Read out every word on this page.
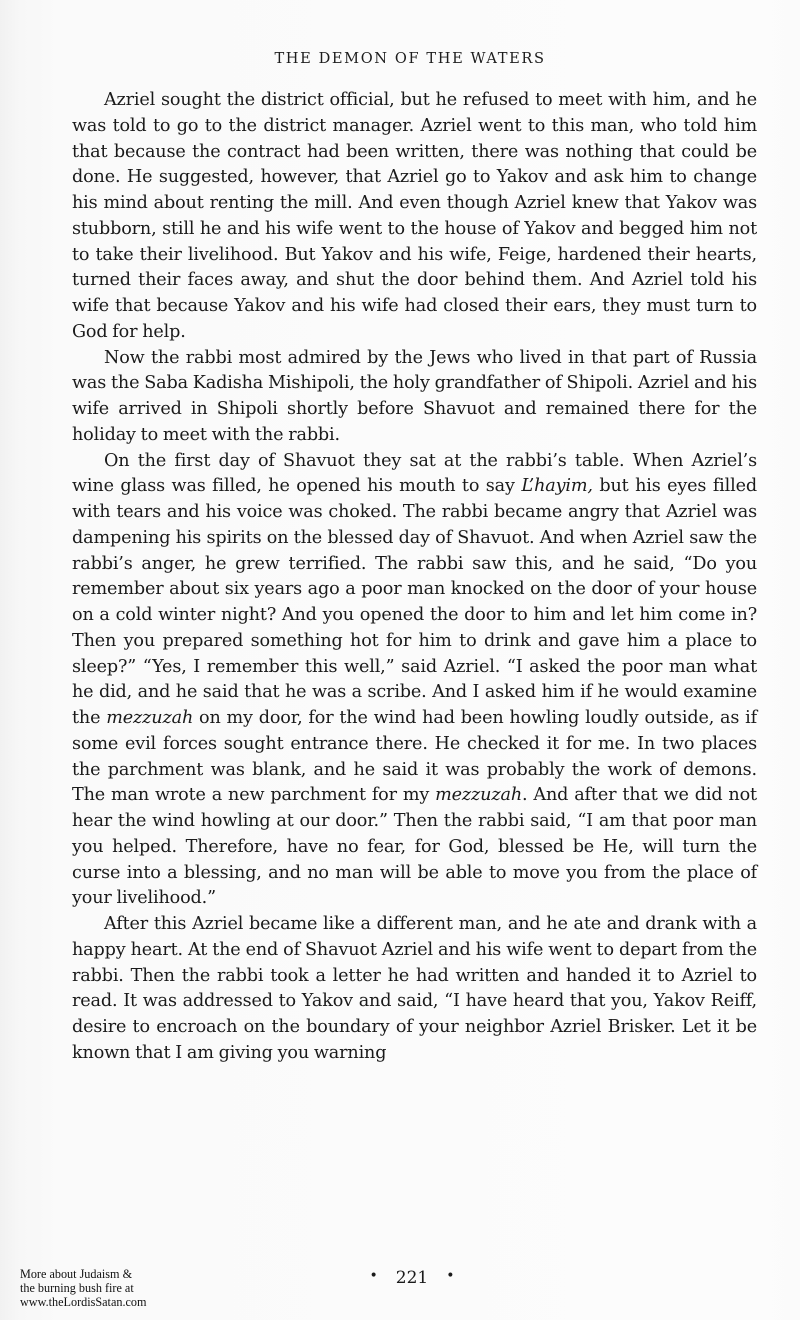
THE DEMON OF THE WATERS

Azriel sought the district official, but he refused to meet with him, and he was told to go to the district manager. Azriel went to this man, who told him that because the contract had been written, there was nothing that could be done. He suggested, however, that Azriel go to Yakov and ask him to change his mind about renting the mill. And even though Azriel knew that Yakov was stubborn, still he and his wife went to the house of Yakov and begged him not to take their livelihood. But Yakov and his wife, Feige, hardened their hearts, turned their faces away, and shut the door behind them. And Azriel told his wife that because Yakov and his wife had closed their ears, they must turn to God for help.

Now the rabbi most admired by the Jews who lived in that part of Russia was the Saba Kadisha Mishipoli, the holy grandfather of Shipoli. Azriel and his wife arrived in Shipoli shortly before Shavuot and remained there for the holiday to meet with the rabbi.

On the first day of Shavuot they sat at the rabbi’s table. When Azriel’s wine glass was filled, he opened his mouth to say L’hayim, but his eyes filled with tears and his voice was choked. The rabbi became angry that Azriel was dampening his spirits on the blessed day of Shavuot. And when Azriel saw the rabbi’s anger, he grew terrified. The rabbi saw this, and he said, “Do you remember about six years ago a poor man knocked on the door of your house on a cold winter night? And you opened the door to him and let him come in? Then you prepared something hot for him to drink and gave him a place to sleep?” “Yes, I remember this well,” said Azriel. “I asked the poor man what he did, and he said that he was a scribe. And I asked him if he would examine the mezzuzah on my door, for the wind had been howling loudly outside, as if some evil forces sought entrance there. He checked it for me. In two places the parchment was blank, and he said it was probably the work of demons. The man wrote a new parchment for my mezzuzah. And after that we did not hear the wind howling at our door.” Then the rabbi said, “I am that poor man you helped. Therefore, have no fear, for God, blessed be He, will turn the curse into a blessing, and no man will be able to move you from the place of your livelihood.”

After this Azriel became like a different man, and he ate and drank with a happy heart. At the end of Shavuot Azriel and his wife went to depart from the rabbi. Then the rabbi took a letter he had written and handed it to Azriel to read. It was addressed to Yakov and said, “I have heard that you, Yakov Reiff, desire to encroach on the boundary of your neighbor Azriel Brisker. Let it be known that I am giving you warning

• 221 •
More about Judaism &
the burning bush fire at
www.theLordisSatan.com
